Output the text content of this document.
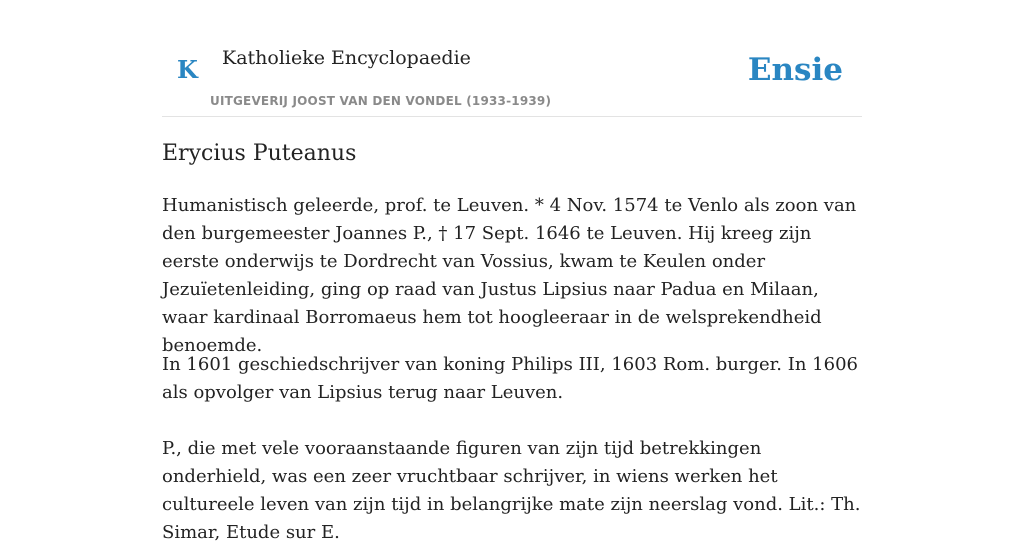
K Katholieke Encyclopaedie
UITGEVERIJ JOOST VAN DEN VONDEL (1933-1939)
Ensie
Erycius Puteanus

Humanistisch geleerde, prof. te Leuven. * 4 Nov. 1574 te Venlo als zoon van den burgemeester Joannes P., † 17 Sept. 1646 te Leuven. Hij kreeg zijn eerste onderwijs te Dordrecht van Vossius, kwam te Keulen onder Jezuïetenleiding, ging op raad van Justus Lipsius naar Padua en Milaan, waar kardinaal Borromaeus hem tot hoogleeraar in de welsprekendheid benoemde.

In 1601 geschiedschrijver van koning Philips III, 1603 Rom. burger. In 1606 als opvolger van Lipsius terug naar Leuven.

P., die met vele vooraanstaande figuren van zijn tijd betrekkingen onderhield, was een zeer vruchtbaar schrijver, in wiens werken het cultureele leven van zijn tijd in belangrijke mate zijn neerslag vond. Lit.: Th. Simar, Etude sur E.
